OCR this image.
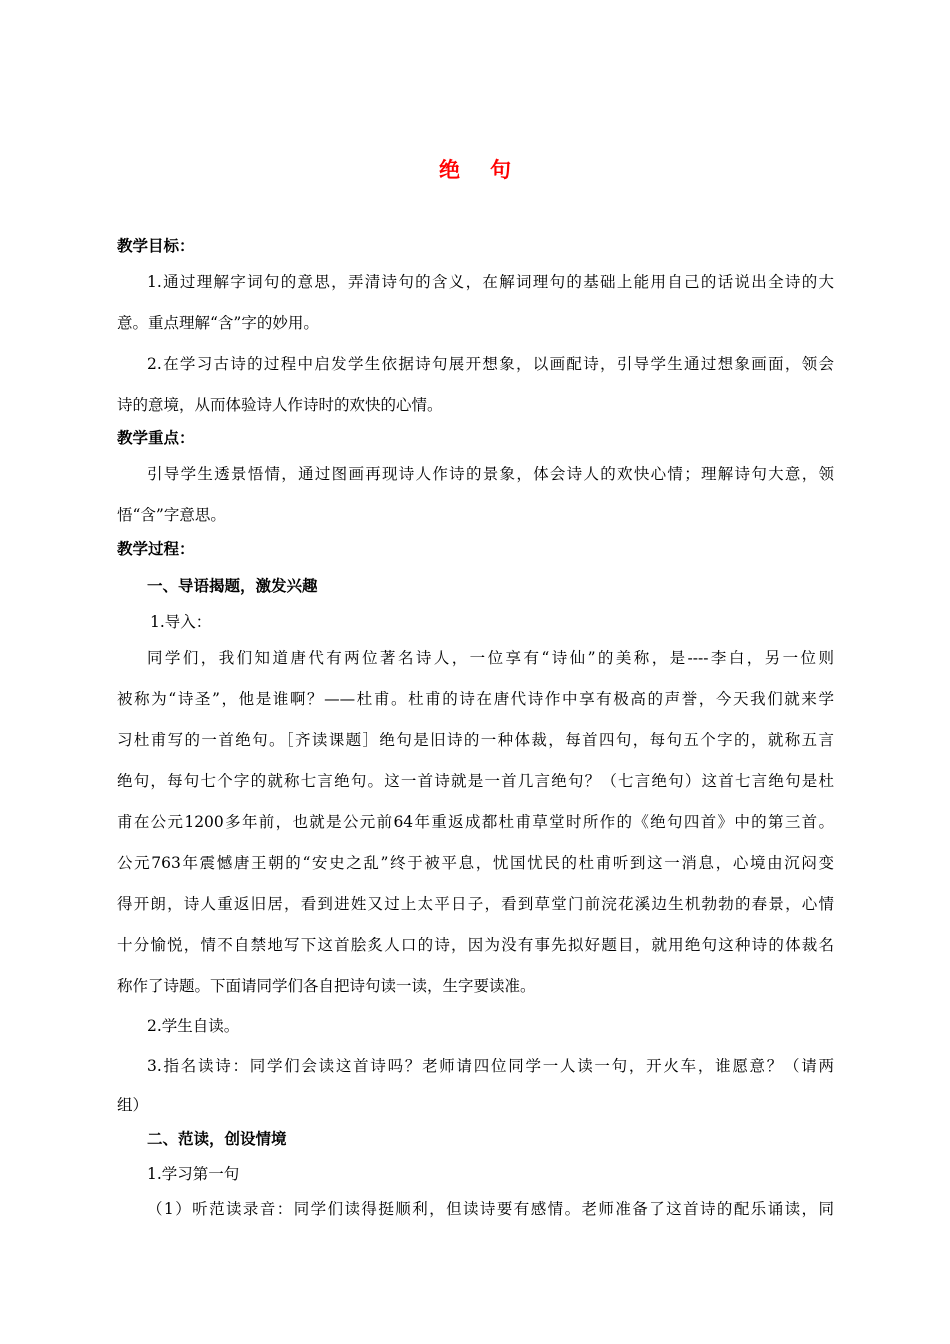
绝句
教学目标：
1.通过理解字词句的意思，弄清诗句的含义，在解词理句的基础上能用自己的话说出全诗的大
意。重点理解“含”字的妙用。
2.在学习古诗的过程中启发学生依据诗句展开想象，以画配诗，引导学生通过想象画面，领会
诗的意境，从而体验诗人作诗时的欢快的心情。
教学重点：
引导学生透景悟情，通过图画再现诗人作诗的景象，体会诗人的欢快心情；理解诗句大意，领
悟“含”字意思。
教学过程：
一、导语揭题，激发兴趣
1.导入：
同学们，我们知道唐代有两位著名诗人，一位享有“诗仙”的美称，是----李白，另一位则
被称为“诗圣”，他是谁啊？——杜甫。杜甫的诗在唐代诗作中享有极高的声誉，今天我们就来学
习杜甫写的一首绝句。［齐读课题］绝句是旧诗的一种体裁，每首四句，每句五个字的，就称五言
绝句，每句七个字的就称七言绝句。这一首诗就是一首几言绝句？（七言绝句）这首七言绝句是杜
甫在公元1200多年前，也就是公元前64年重返成都杜甫草堂时所作的《绝句四首》中的第三首。
公元763年震憾唐王朝的“安史之乱”终于被平息，忧国忧民的杜甫听到这一消息，心境由沉闷变
得开朗，诗人重返旧居，看到进姓又过上太平日子，看到草堂门前浣花溪边生机勃勃的春景，心情
十分愉悦，情不自禁地写下这首脍炙人口的诗，因为没有事先拟好题目，就用绝句这种诗的体裁名
称作了诗题。下面请同学们各自把诗句读一读，生字要读准。
2.学生自读。
3.指名读诗：同学们会读这首诗吗？老师请四位同学一人读一句，开火车，谁愿意？（请两
组）
二、范读，创设情境
1.学习第一句
（1）听范读录音：同学们读得挺顺利，但读诗要有感情。老师准备了这首诗的配乐诵读，同
